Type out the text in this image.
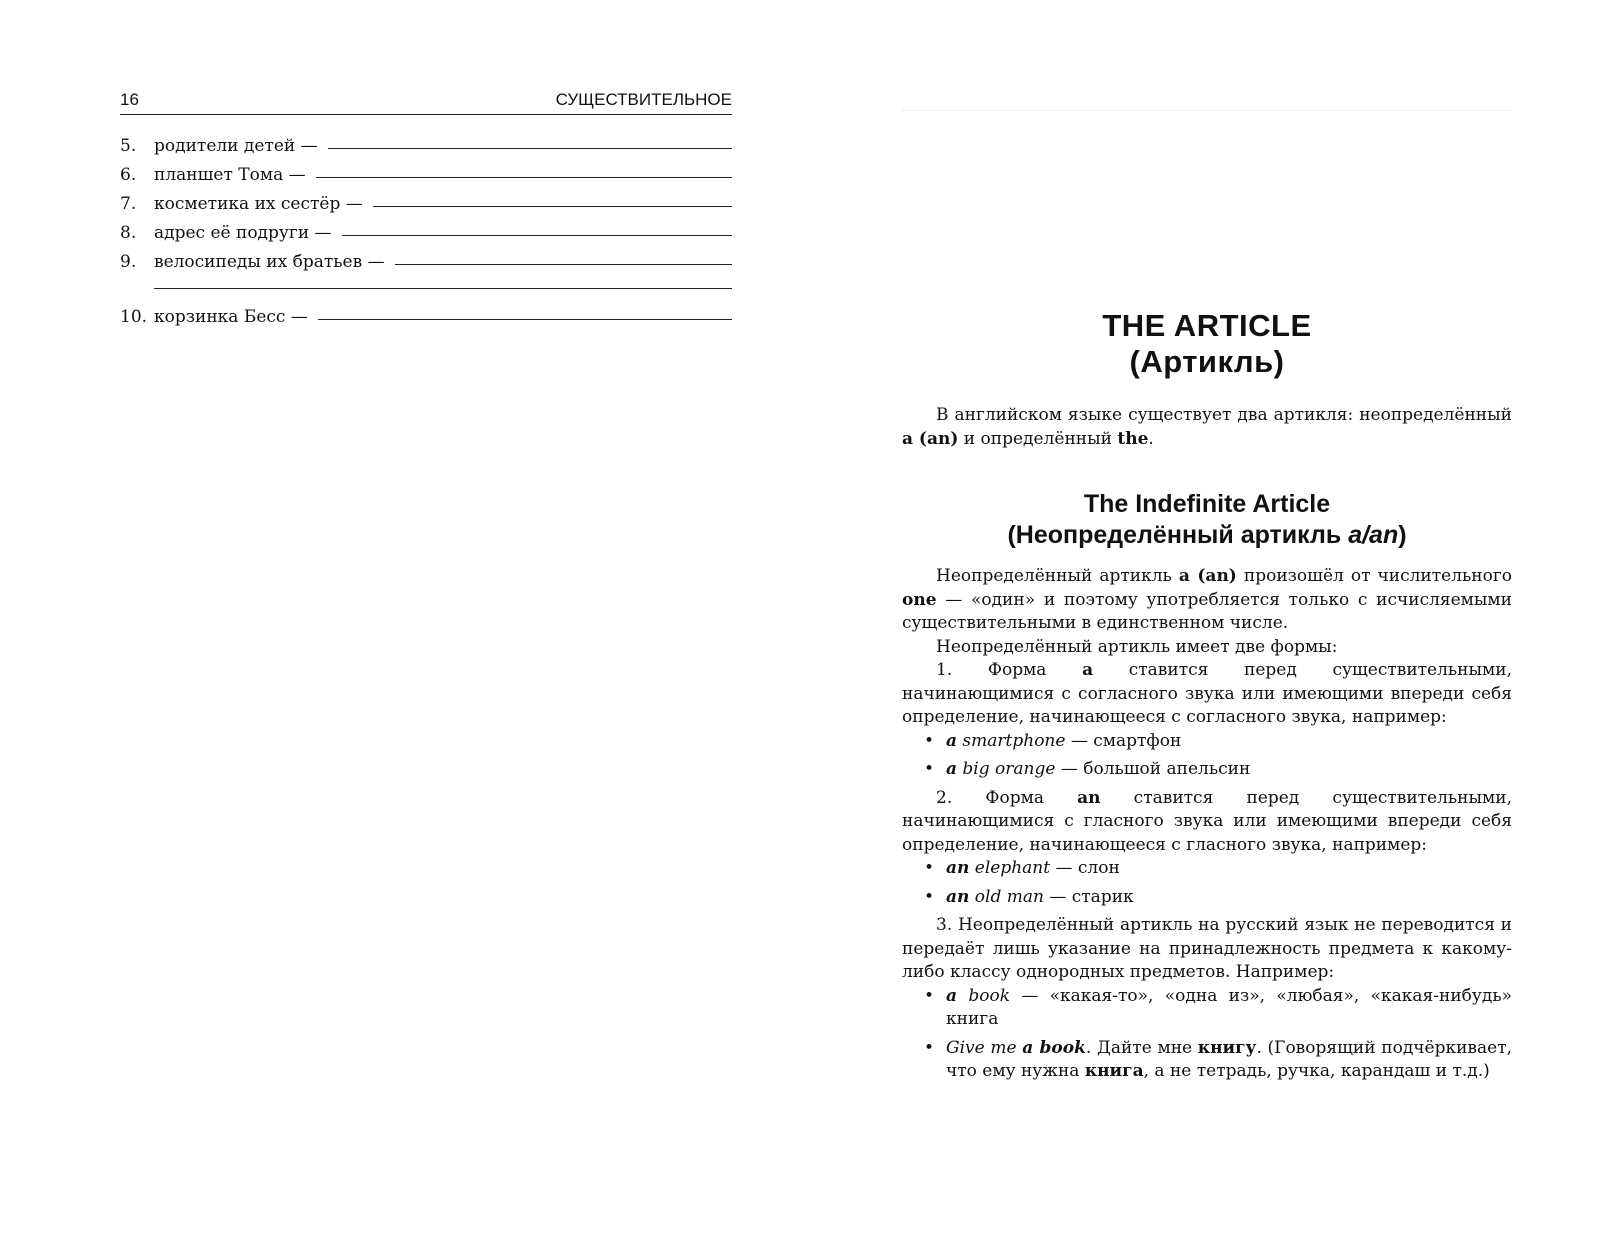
16	СУЩЕСТВИТЕЛЬНОЕ
5.	родители детей —
6.	планшет Тома —
7.	косметика их сестёр —
8.	адрес её подруги —
9.	велосипеды их братьев —
10. корзинка Бесс —	THE ARTICLE
(Артикль)

В английском языке существует два артикля: неопределённый a (an) и определённый the.

The Indefinite Article
(Неопределённый артикль a/an)

Неопределённый артикль a (an) произошёл от числительного one — «один» и поэтому употребляется только с исчисляемыми существительными в единственном числе.

Неопределённый артикль имеет две формы:

1. Форма a ставится перед существительными, начинающимися с согласного звука или имеющими впереди себя определение, начинающееся с согласного звука, например:

• a smartphone — смартфон
• a big orange — большой апельсин

2. Форма an ставится перед существительными, начинающимися с гласного звука или имеющими впереди себя определение, начинающееся с гласного звука, например:

• an elephant — слон
• an old man — старик

3. Неопределённый артикль на русский язык не переводится и передаёт лишь указание на принадлежность предмета к какому-либо классу однородных предметов. Например:

• a book — «какая-то», «одна из», «любая», «какая-нибудь» книга
• Give me a book. Дайте мне книгу. (Говорящий подчёркивает, что ему нужна книга, а не тетрадь, ручка, карандаш и т.д.)
